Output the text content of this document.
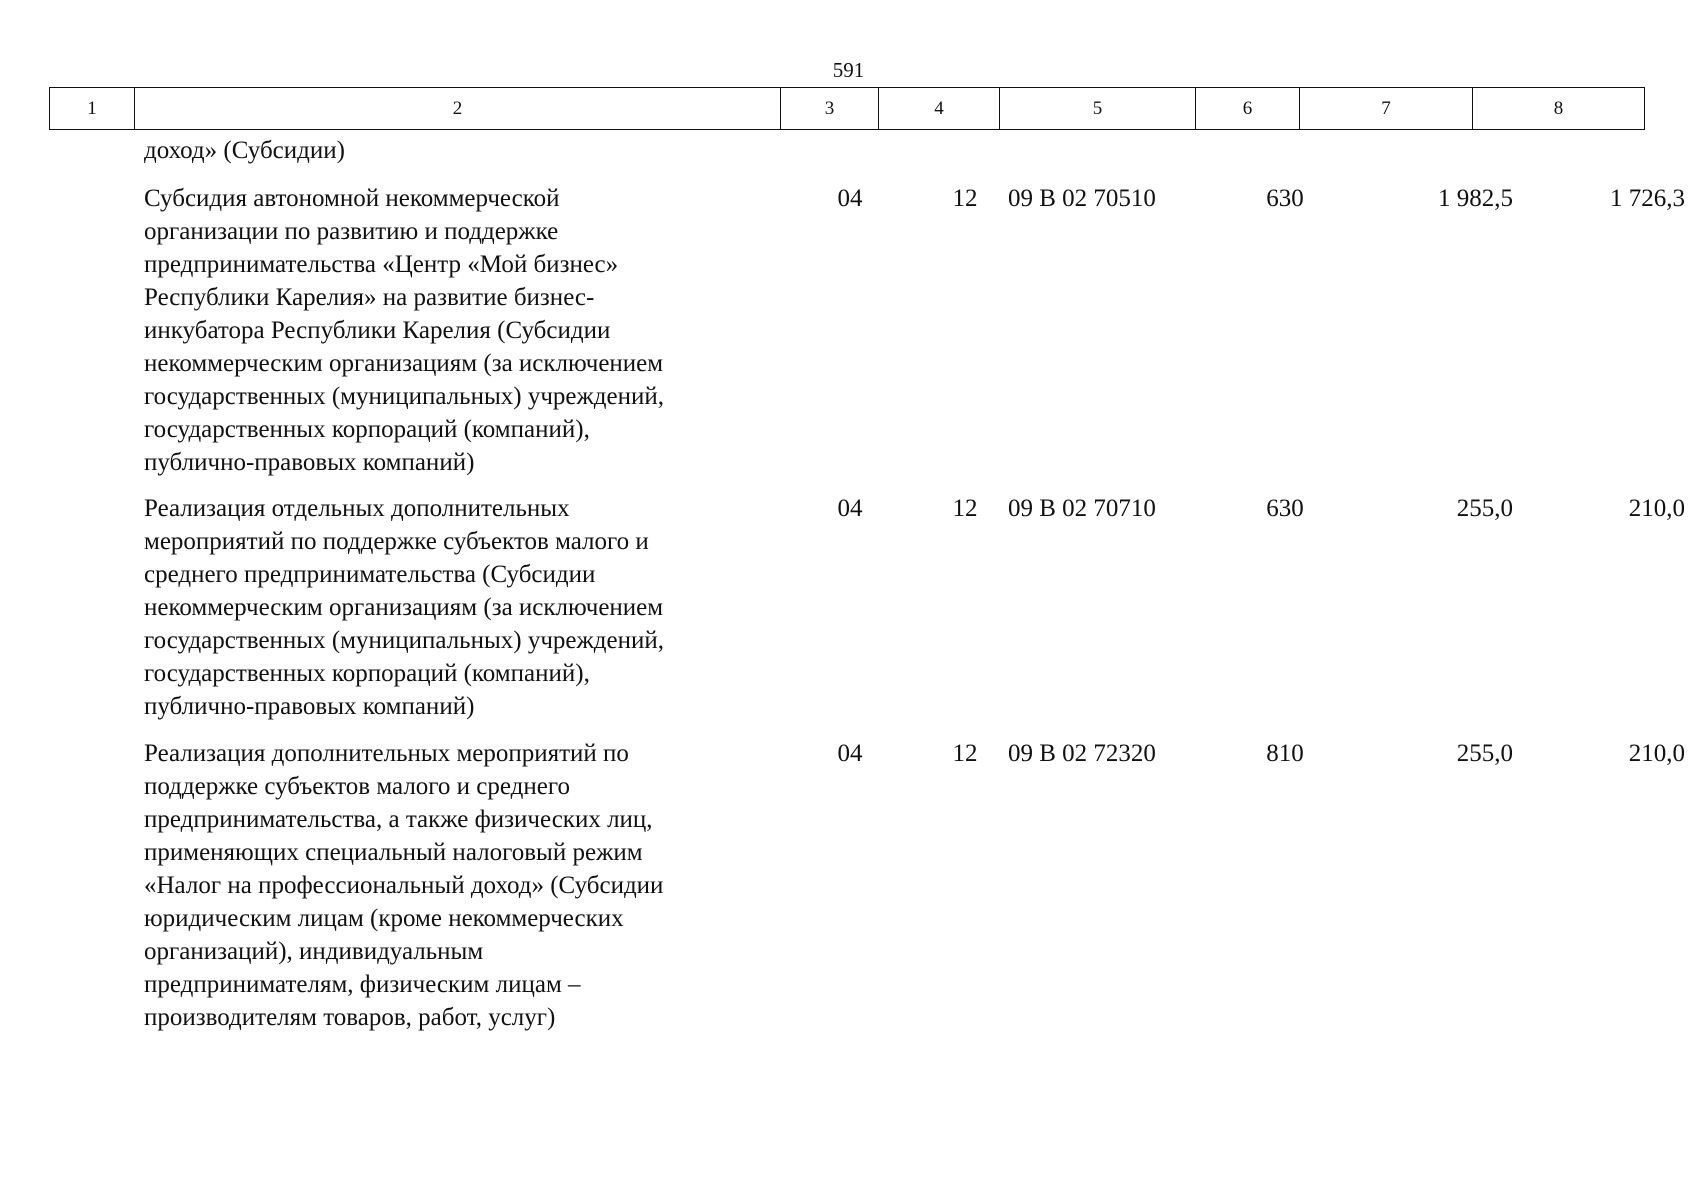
591
1	2	3	4	5	6	7	8
доход» (Субсидии)
Субсидия автономной некоммерческой
организации по развитию и поддержке
предпринимательства «Центр «Мой бизнес»
Республики Карелия» на развитие бизнес-
инкубатора Республики Карелия (Субсидии
некоммерческим организациям (за исключением
государственных (муниципальных) учреждений,
государственных корпораций (компаний),
публично-правовых компаний)
04	12	09 В 02 70510	630	1 982,5	1 726,3
Реализация отдельных дополнительных
мероприятий по поддержке субъектов малого и
среднего предпринимательства (Субсидии
некоммерческим организациям (за исключением
государственных (муниципальных) учреждений,
государственных корпораций (компаний),
публично-правовых компаний)
04	12	09 В 02 70710	630	255,0	210,0
Реализация дополнительных мероприятий по
поддержке субъектов малого и среднего
предпринимательства, а также физических лиц,
применяющих специальный налоговый режим
«Налог на профессиональный доход» (Субсидии
юридическим лицам (кроме некоммерческих
организаций), индивидуальным
предпринимателям, физическим лицам –
производителям товаров, работ, услуг)
04	12	09 В 02 72320	810	255,0	210,0
